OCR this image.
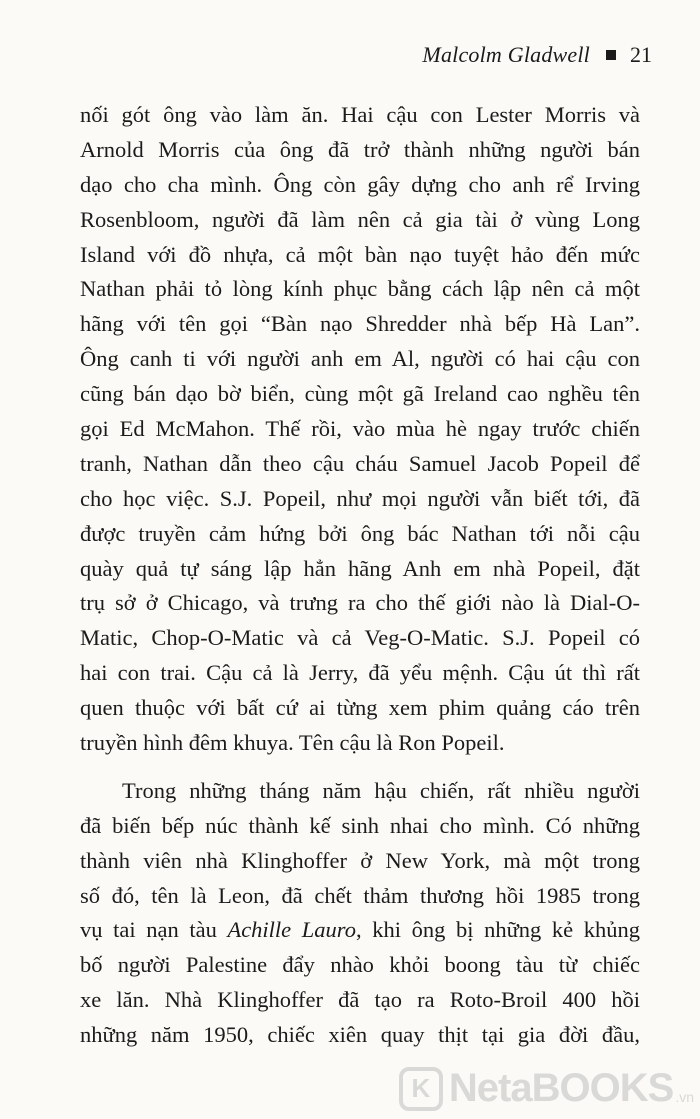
Malcolm Gladwell 21
nối gót ông vào làm ăn. Hai cậu con Lester Morris và
Arnold Morris của ông đã trở thành những người bán
dạo cho cha mình. Ông còn gây dựng cho anh rể Irving
Rosenbloom, người đã làm nên cả gia tài ở vùng Long
Island với đồ nhựa, cả một bàn nạo tuyệt hảo đến mức
Nathan phải tỏ lòng kính phục bằng cách lập nên cả một
hãng với tên gọi “Bàn nạo Shredder nhà bếp Hà Lan”.
Ông canh ti với người anh em Al, người có hai cậu con
cũng bán dạo bờ biển, cùng một gã Ireland cao nghều tên
gọi Ed McMahon. Thế rồi, vào mùa hè ngay trước chiến
tranh, Nathan dẫn theo cậu cháu Samuel Jacob Popeil để
cho học việc. S.J. Popeil, như mọi người vẫn biết tới, đã
được truyền cảm hứng bởi ông bác Nathan tới nỗi cậu
quày quả tự sáng lập hẳn hãng Anh em nhà Popeil, đặt
trụ sở ở Chicago, và trưng ra cho thế giới nào là Dial-O-
Matic, Chop-O-Matic và cả Veg-O-Matic. S.J. Popeil có
hai con trai. Cậu cả là Jerry, đã yểu mệnh. Cậu út thì rất
quen thuộc với bất cứ ai từng xem phim quảng cáo trên
truyền hình đêm khuya. Tên cậu là Ron Popeil.
Trong những tháng năm hậu chiến, rất nhiều người
đã biến bếp núc thành kế sinh nhai cho mình. Có những
thành viên nhà Klinghoffer ở New York, mà một trong
số đó, tên là Leon, đã chết thảm thương hồi 1985 trong
vụ tai nạn tàu Achille Lauro, khi ông bị những kẻ khủng
bố người Palestine đẩy nhào khỏi boong tàu từ chiếc
xe lăn. Nhà Klinghoffer đã tạo ra Roto-Broil 400 hồi
những năm 1950, chiếc xiên quay thịt tại gia đời đầu,
K NetaBOOKS .vn
